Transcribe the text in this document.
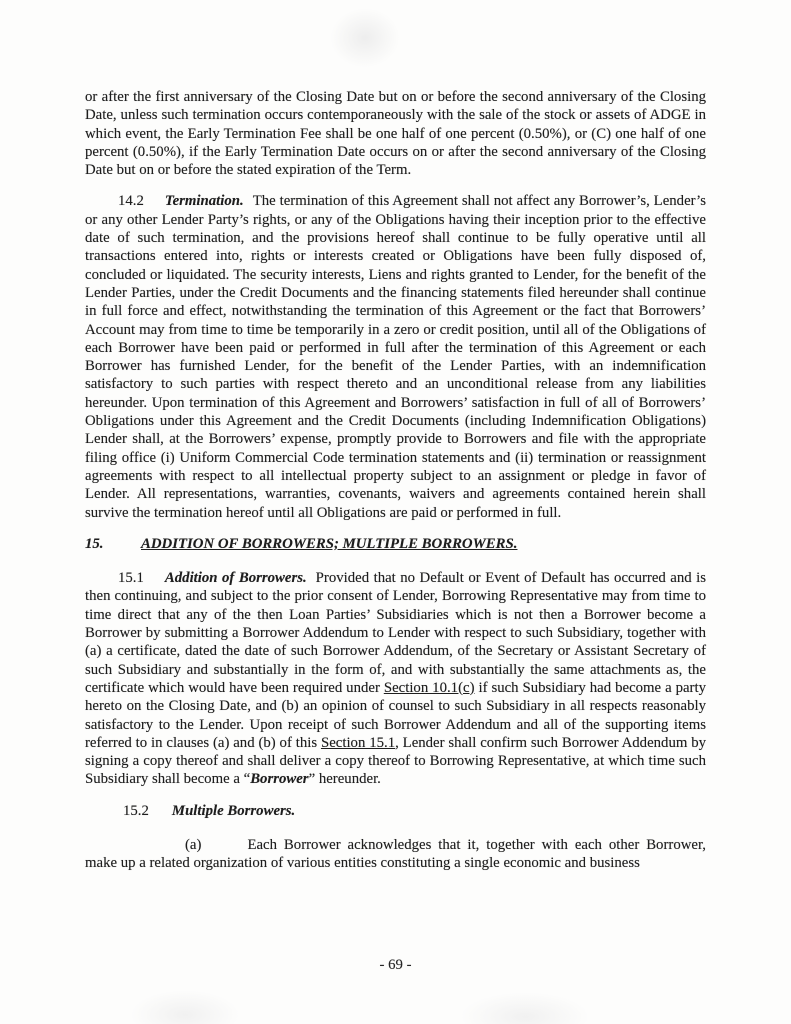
or after the first anniversary of the Closing Date but on or before the second anniversary of the Closing Date, unless such termination occurs contemporaneously with the sale of the stock or assets of ADGE in which event, the Early Termination Fee shall be one half of one percent (0.50%), or (C) one half of one percent (0.50%), if the Early Termination Date occurs on or after the second anniversary of the Closing Date but on or before the stated expiration of the Term.

14.2 Termination. The termination of this Agreement shall not affect any Borrower’s, Lender’s or any other Lender Party’s rights, or any of the Obligations having their inception prior to the effective date of such termination, and the provisions hereof shall continue to be fully operative until all transactions entered into, rights or interests created or Obligations have been fully disposed of, concluded or liquidated. The security interests, Liens and rights granted to Lender, for the benefit of the Lender Parties, under the Credit Documents and the financing statements filed hereunder shall continue in full force and effect, notwithstanding the termination of this Agreement or the fact that Borrowers’ Account may from time to time be temporarily in a zero or credit position, until all of the Obligations of each Borrower have been paid or performed in full after the termination of this Agreement or each Borrower has furnished Lender, for the benefit of the Lender Parties, with an indemnification satisfactory to such parties with respect thereto and an unconditional release from any liabilities hereunder. Upon termination of this Agreement and Borrowers’ satisfaction in full of all of Borrowers’ Obligations under this Agreement and the Credit Documents (including Indemnification Obligations) Lender shall, at the Borrowers’ expense, promptly provide to Borrowers and file with the appropriate filing office (i) Uniform Commercial Code termination statements and (ii) termination or reassignment agreements with respect to all intellectual property subject to an assignment or pledge in favor of Lender. All representations, warranties, covenants, waivers and agreements contained herein shall survive the termination hereof until all Obligations are paid or performed in full.

15.	ADDITION OF BORROWERS; MULTIPLE BORROWERS.

15.1 Addition of Borrowers. Provided that no Default or Event of Default has occurred and is then continuing, and subject to the prior consent of Lender, Borrowing Representative may from time to time direct that any of the then Loan Parties’ Subsidiaries which is not then a Borrower become a Borrower by submitting a Borrower Addendum to Lender with respect to such Subsidiary, together with (a) a certificate, dated the date of such Borrower Addendum, of the Secretary or Assistant Secretary of such Subsidiary and substantially in the form of, and with substantially the same attachments as, the certificate which would have been required under Section 10.1(c) if such Subsidiary had become a party hereto on the Closing Date, and (b) an opinion of counsel to such Subsidiary in all respects reasonably satisfactory to the Lender. Upon receipt of such Borrower Addendum and all of the supporting items referred to in clauses (a) and (b) of this Section 15.1, Lender shall confirm such Borrower Addendum by signing a copy thereof and shall deliver a copy thereof to Borrowing Representative, at which time such Subsidiary shall become a “Borrower” hereunder.

15.2 Multiple Borrowers.

(a)	Each Borrower acknowledges that it, together with each other Borrower, make up a related organization of various entities constituting a single economic and business

- 69 -
